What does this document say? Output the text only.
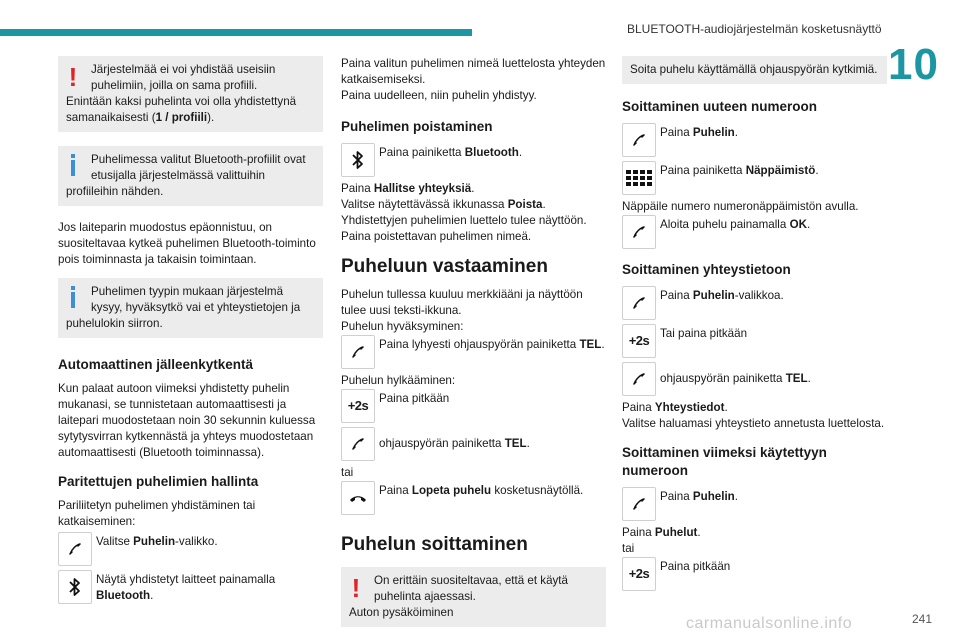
BLUETOOTH-audiojärjestelmän kosketusnäyttö
10
!	Järjestelmää ei voi yhdistää useisiin puhelimiin, joilla on sama profiili.
Enintään kaksi puhelinta voi olla yhdistettynä samanaikaisesti (1 / profiili).
Puhelimessa valitut Bluetooth-profiilit ovat etusijalla järjestelmässä valittuihin
profiileihin nähden.

Jos laiteparin muodostus epäonnistuu, on suositeltavaa kytkeä puhelimen Bluetooth-toiminto pois toiminnasta ja takaisin toimintaan.

Puhelimen tyypin mukaan järjestelmä kysyy, hyväksytkö vai et yhteystietojen ja
puhelulokin siirron.
Automaattinen jälleenkytkentä

Kun palaat autoon viimeksi yhdistetty puhelin mukanasi, se tunnistetaan automaattisesti ja laitepari muodostetaan noin 30 sekunnin kuluessa sytytysvirran kytkennästä ja yhteys muodostetaan automaattisesti (Bluetooth toiminnassa).

Paritettujen puhelimien hallinta

Pariliitetyn puhelimen yhdistäminen tai katkaiseminen:

Valitse Puhelin-valikko.
Näytä yhdistetyt laitteet painamalla Bluetooth.

Paina valitun puhelimen nimeä luettelosta yhteyden katkaisemiseksi.

Paina uudelleen, niin puhelin yhdistyy.

Puhelimen poistaminen
Paina painiketta Bluetooth.

Paina Hallitse yhteyksiä.

Valitse näytettävässä ikkunassa Poista.

Yhdistettyjen puhelimien luettelo tulee näyttöön.

Paina poistettavan puhelimen nimeä.

Puheluun vastaaminen

Puhelun tullessa kuuluu merkkiääni ja näyttöön tulee uusi teksti-ikkuna.

Puhelun hyväksyminen:

Paina lyhyesti ohjauspyörän painiketta TEL.

Puhelun hylkääminen:

+2s Paina pitkään
ohjauspyörän painiketta TEL.

tai

Paina Lopeta puhelu kosketusnäytöllä.
Puhelun soittaminen
!	On erittäin suositeltavaa, että et käytä puhelinta ajaessasi.
Auton pysäköiminen
Soita puhelu käyttämällä ohjauspyörän kytkimiä.
Soittaminen uuteen numeroon
Paina Puhelin.
Paina painiketta Näppäimistö.

Näppäile numero numeronäppäimistön avulla.

Aloita puhelu painamalla OK.
Soittaminen yhteystietoon
Paina Puhelin-valikkoa.
+2s Tai paina pitkään
ohjauspyörän painiketta TEL.

Paina Yhteystiedot.

Valitse haluamasi yhteystieto annetusta luettelosta.

Soittaminen viimeksi käytettyyn numeroon
Paina Puhelin.

Paina Puhelut.

tai

+2s Paina pitkään
carmanualsonline.info	241
